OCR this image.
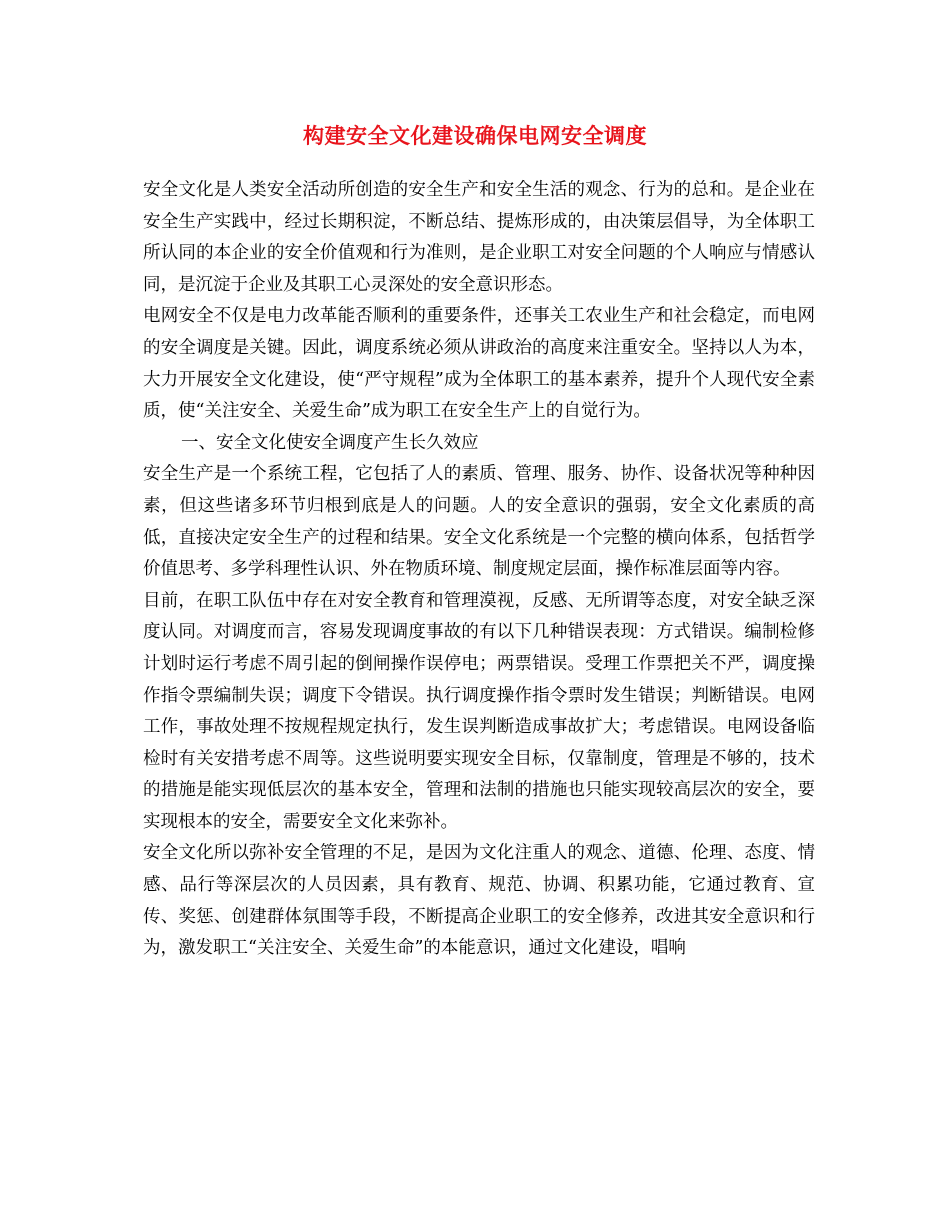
构建安全文化建设确保电网安全调度

安全文化是人类安全活动所创造的安全生产和安全生活的观念、行为的总和。是企业在安全生产实践中，经过长期积淀，不断总结、提炼形成的，由决策层倡导，为全体职工所认同的本企业的安全价值观和行为准则，是企业职工对安全问题的个人响应与情感认同，是沉淀于企业及其职工心灵深处的安全意识形态。

电网安全不仅是电力改革能否顺利的重要条件，还事关工农业生产和社会稳定，而电网的安全调度是关键。因此，调度系统必须从讲政治的高度来注重安全。坚持以人为本，大力开展安全文化建设，使“严守规程”成为全体职工的基本素养，提升个人现代安全素质，使“关注安全、关爱生命”成为职工在安全生产上的自觉行为。

一、安全文化使安全调度产生长久效应

安全生产是一个系统工程，它包括了人的素质、管理、服务、协作、设备状况等种种因素，但这些诸多环节归根到底是人的问题。人的安全意识的强弱，安全文化素质的高低，直接决定安全生产的过程和结果。安全文化系统是一个完整的横向体系，包括哲学价值思考、多学科理性认识、外在物质环境、制度规定层面，操作标准层面等内容。

目前，在职工队伍中存在对安全教育和管理漠视，反感、无所谓等态度，对安全缺乏深度认同。对调度而言，容易发现调度事故的有以下几种错误表现：方式错误。编制检修计划时运行考虑不周引起的倒闸操作误停电；两票错误。受理工作票把关不严，调度操作指令票编制失误；调度下令错误。执行调度操作指令票时发生错误；判断错误。电网工作，事故处理不按规程规定执行，发生误判断造成事故扩大；考虑错误。电网设备临检时有关安措考虑不周等。这些说明要实现安全目标，仅靠制度，管理是不够的，技术的措施是能实现低层次的基本安全，管理和法制的措施也只能实现较高层次的安全，要实现根本的安全，需要安全文化来弥补。

安全文化所以弥补安全管理的不足，是因为文化注重人的观念、道德、伦理、态度、情感、品行等深层次的人员因素，具有教育、规范、协调、积累功能，它通过教育、宣传、奖惩、创建群体氛围等手段，不断提高企业职工的安全修养，改进其安全意识和行为，激发职工“关注安全、关爱生命”的本能意识，通过文化建设，唱响
